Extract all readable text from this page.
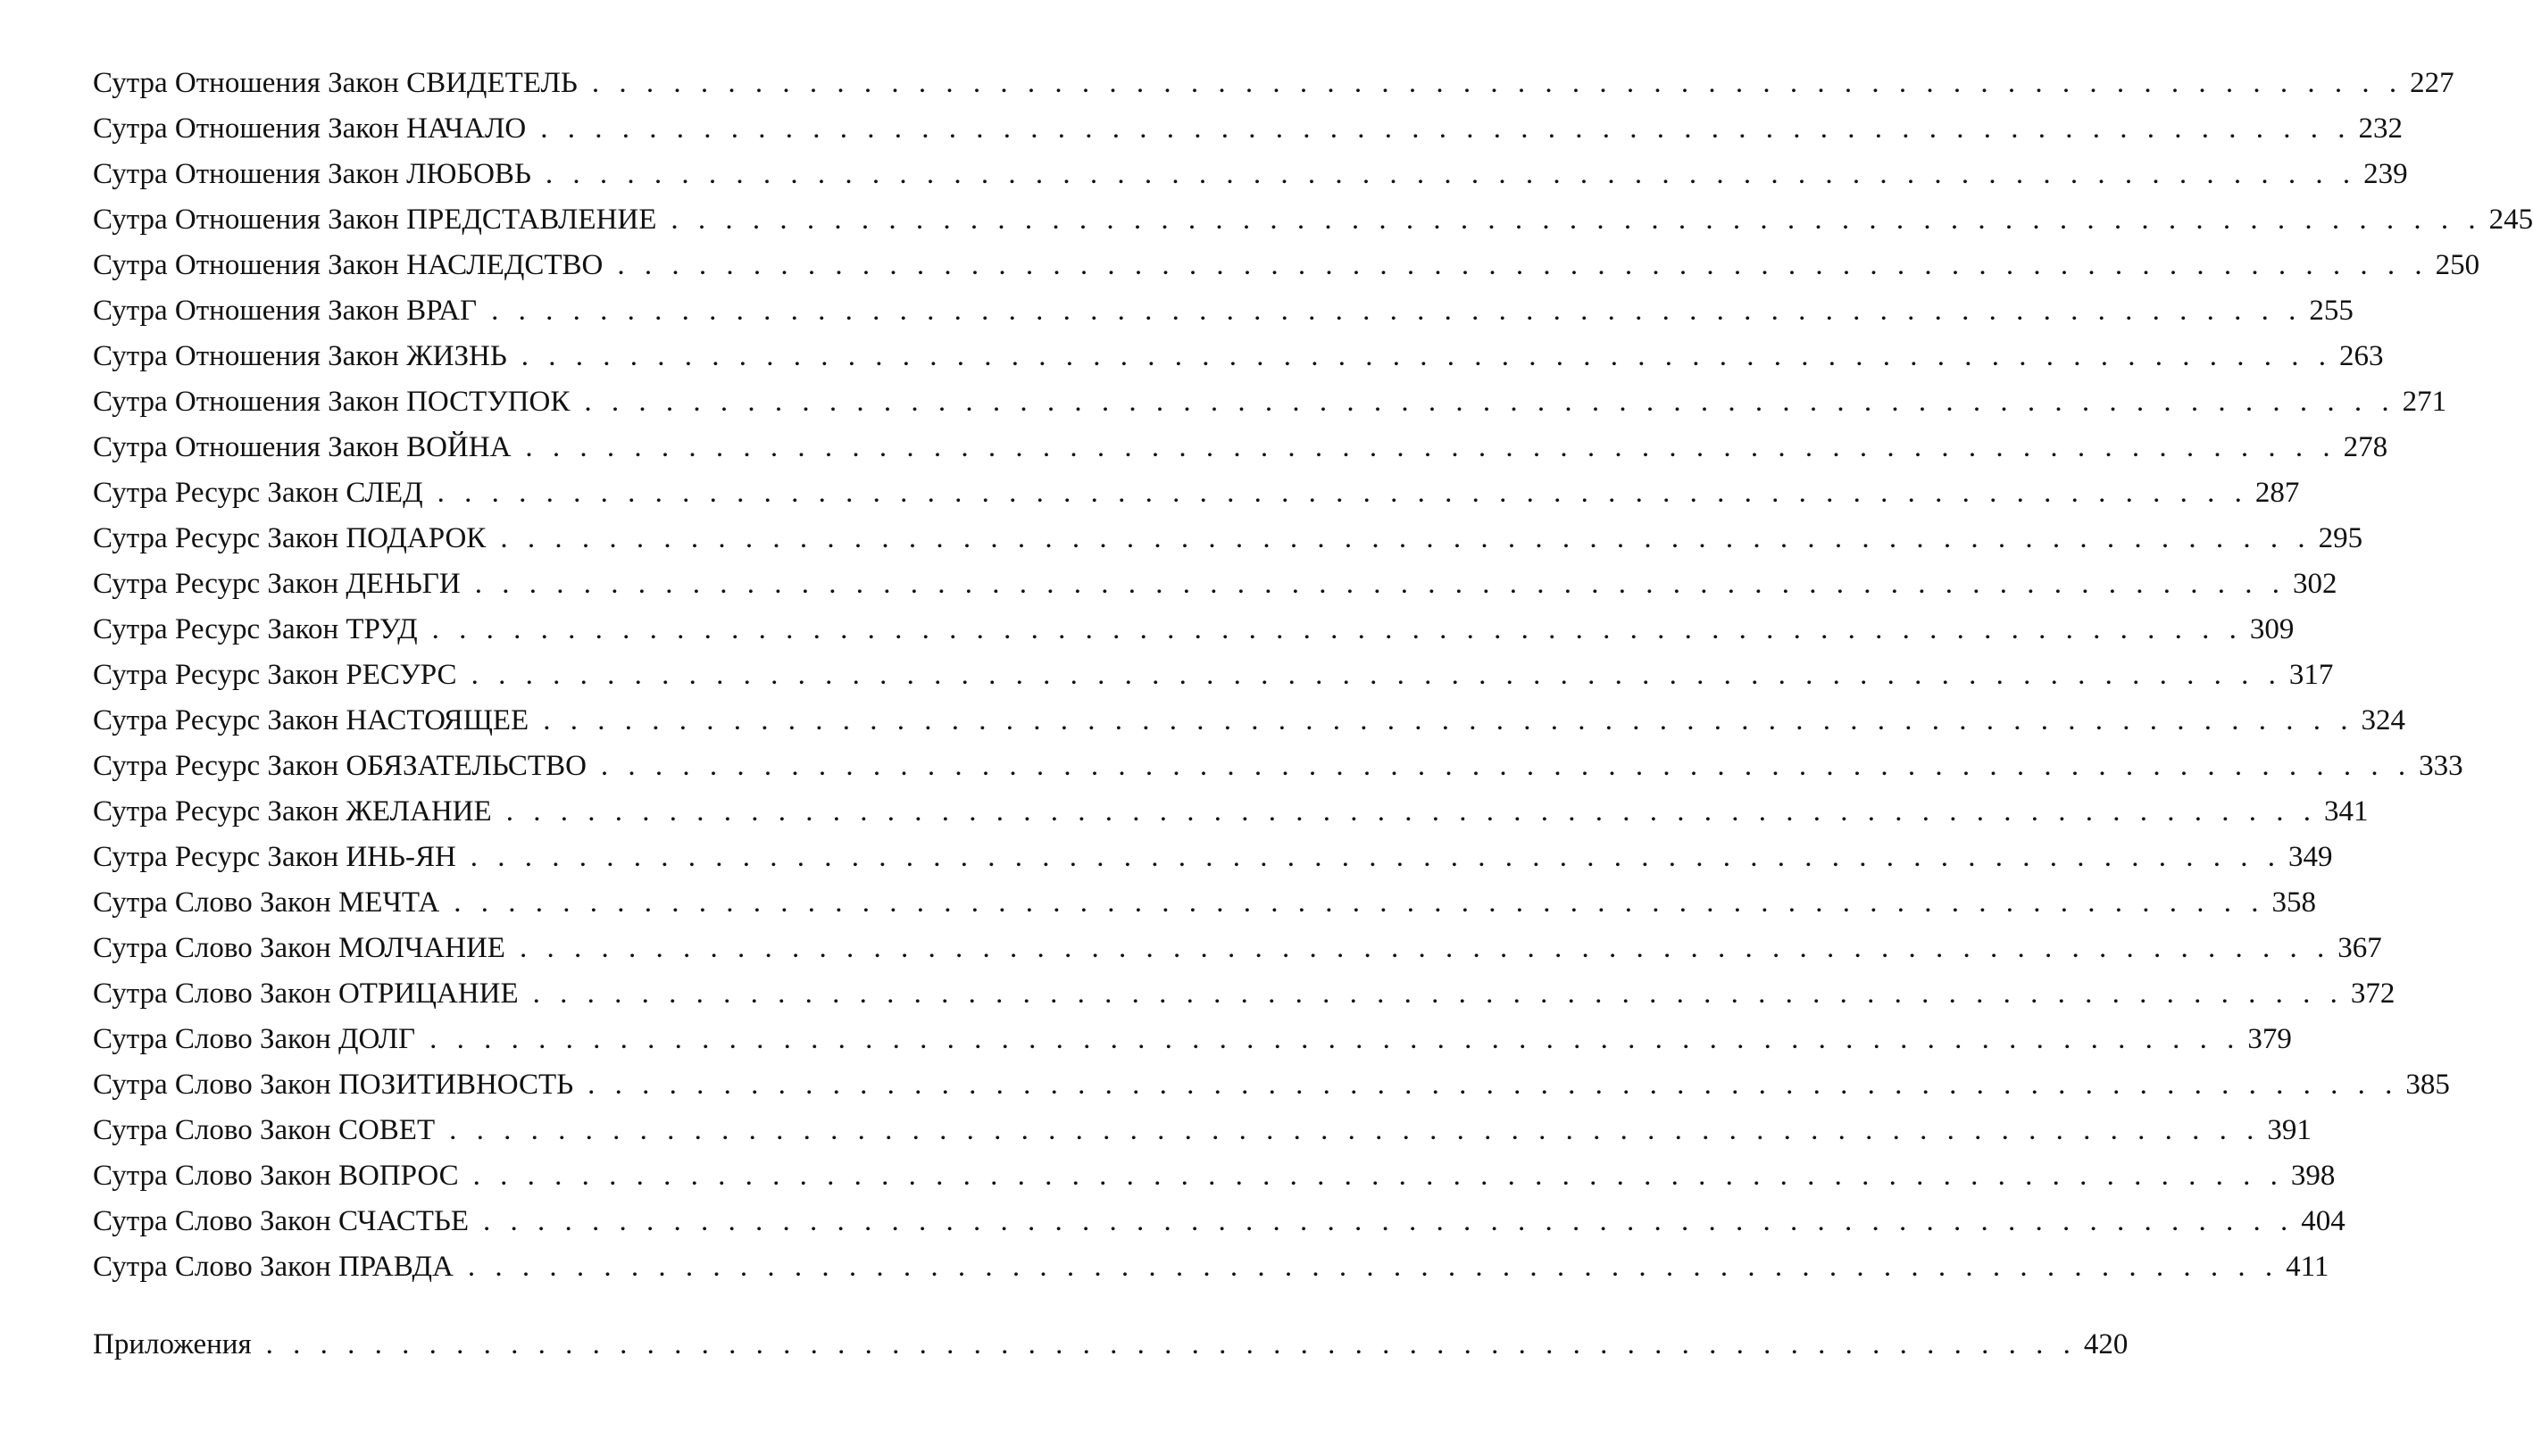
Сутра Отношения Закон СВИДЕТЕЛЬ . . . . . . . . . . . . . . . . . . . . . . . . . . . . . . . . . . . . . . . . . . . . . . . . . . . . . . . . . . . . . . . . . . . 227
Сутра Отношения Закон НАЧАЛО . . . . . . . . . . . . . . . . . . . . . . . . . . . . . . . . . . . . . . . . . . . . . . . . . . . . . . . . . . . . . . . . . . . 232
Сутра Отношения Закон ЛЮБОВЬ . . . . . . . . . . . . . . . . . . . . . . . . . . . . . . . . . . . . . . . . . . . . . . . . . . . . . . . . . . . . . . . . . . . 239
Сутра Отношения Закон ПРЕДСТАВЛЕНИЕ . . . . . . . . . . . . . . . . . . . . . . . . . . . . . . . . . . . . . . . . . . . . . . . . . . . . . . . . . . . . . . . . . . . 245
Сутра Отношения Закон НАСЛЕДСТВО . . . . . . . . . . . . . . . . . . . . . . . . . . . . . . . . . . . . . . . . . . . . . . . . . . . . . . . . . . . . . . . . . . . 250
Сутра Отношения Закон ВРАГ . . . . . . . . . . . . . . . . . . . . . . . . . . . . . . . . . . . . . . . . . . . . . . . . . . . . . . . . . . . . . . . . . . . 255
Сутра Отношения Закон ЖИЗНЬ . . . . . . . . . . . . . . . . . . . . . . . . . . . . . . . . . . . . . . . . . . . . . . . . . . . . . . . . . . . . . . . . . . . 263
Сутра Отношения Закон ПОСТУПОК . . . . . . . . . . . . . . . . . . . . . . . . . . . . . . . . . . . . . . . . . . . . . . . . . . . . . . . . . . . . . . . . . . . 271
Сутра Отношения Закон ВОЙНА . . . . . . . . . . . . . . . . . . . . . . . . . . . . . . . . . . . . . . . . . . . . . . . . . . . . . . . . . . . . . . . . . . . 278
Сутра Ресурс Закон СЛЕД . . . . . . . . . . . . . . . . . . . . . . . . . . . . . . . . . . . . . . . . . . . . . . . . . . . . . . . . . . . . . . . . . . . 287
Сутра Ресурс Закон ПОДАРОК . . . . . . . . . . . . . . . . . . . . . . . . . . . . . . . . . . . . . . . . . . . . . . . . . . . . . . . . . . . . . . . . . . . 295
Сутра Ресурс Закон ДЕНЬГИ . . . . . . . . . . . . . . . . . . . . . . . . . . . . . . . . . . . . . . . . . . . . . . . . . . . . . . . . . . . . . . . . . . . 302
Сутра Ресурс Закон ТРУД . . . . . . . . . . . . . . . . . . . . . . . . . . . . . . . . . . . . . . . . . . . . . . . . . . . . . . . . . . . . . . . . . . . 309
Сутра Ресурс Закон РЕСУРС . . . . . . . . . . . . . . . . . . . . . . . . . . . . . . . . . . . . . . . . . . . . . . . . . . . . . . . . . . . . . . . . . . . 317
Сутра Ресурс Закон НАСТОЯЩЕЕ . . . . . . . . . . . . . . . . . . . . . . . . . . . . . . . . . . . . . . . . . . . . . . . . . . . . . . . . . . . . . . . . . . . 324
Сутра Ресурс Закон ОБЯЗАТЕЛЬСТВО . . . . . . . . . . . . . . . . . . . . . . . . . . . . . . . . . . . . . . . . . . . . . . . . . . . . . . . . . . . . . . . . . . . 333
Сутра Ресурс Закон ЖЕЛАНИЕ . . . . . . . . . . . . . . . . . . . . . . . . . . . . . . . . . . . . . . . . . . . . . . . . . . . . . . . . . . . . . . . . . . . 341
Сутра Ресурс Закон ИНЬ-ЯН . . . . . . . . . . . . . . . . . . . . . . . . . . . . . . . . . . . . . . . . . . . . . . . . . . . . . . . . . . . . . . . . . . . 349
Сутра Слово Закон МЕЧТА . . . . . . . . . . . . . . . . . . . . . . . . . . . . . . . . . . . . . . . . . . . . . . . . . . . . . . . . . . . . . . . . . . . 358
Сутра Слово Закон МОЛЧАНИЕ . . . . . . . . . . . . . . . . . . . . . . . . . . . . . . . . . . . . . . . . . . . . . . . . . . . . . . . . . . . . . . . . . . . 367
Сутра Слово Закон ОТРИЦАНИЕ . . . . . . . . . . . . . . . . . . . . . . . . . . . . . . . . . . . . . . . . . . . . . . . . . . . . . . . . . . . . . . . . . . . 372
Сутра Слово Закон ДОЛГ . . . . . . . . . . . . . . . . . . . . . . . . . . . . . . . . . . . . . . . . . . . . . . . . . . . . . . . . . . . . . . . . . . . 379
Сутра Слово Закон ПОЗИТИВНОСТЬ . . . . . . . . . . . . . . . . . . . . . . . . . . . . . . . . . . . . . . . . . . . . . . . . . . . . . . . . . . . . . . . . . . . 385
Сутра Слово Закон СОВЕТ . . . . . . . . . . . . . . . . . . . . . . . . . . . . . . . . . . . . . . . . . . . . . . . . . . . . . . . . . . . . . . . . . . . 391
Сутра Слово Закон ВОПРОС . . . . . . . . . . . . . . . . . . . . . . . . . . . . . . . . . . . . . . . . . . . . . . . . . . . . . . . . . . . . . . . . . . . 398
Сутра Слово Закон СЧАСТЬЕ . . . . . . . . . . . . . . . . . . . . . . . . . . . . . . . . . . . . . . . . . . . . . . . . . . . . . . . . . . . . . . . . . . . 404
Сутра Слово Закон ПРАВДА . . . . . . . . . . . . . . . . . . . . . . . . . . . . . . . . . . . . . . . . . . . . . . . . . . . . . . . . . . . . . . . . . . . 411
Приложения . . . . . . . . . . . . . . . . . . . . . . . . . . . . . . . . . . . . . . . . . . . . . . . . . . . . . . . . . . . . . . . . . . . 420
